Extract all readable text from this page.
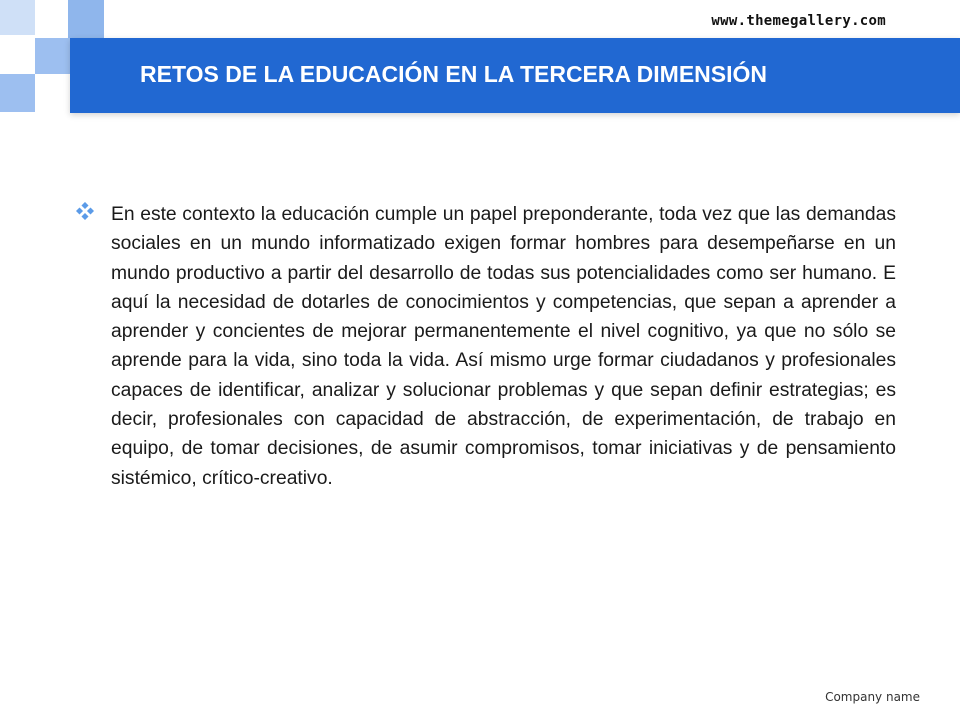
www.themegallery.com
RETOS DE LA EDUCACIÓN EN LA TERCERA DIMENSIÓN

En este contexto la educación cumple un papel preponderante, toda vez que las demandas sociales en un mundo informatizado exigen formar hombres para desempeñarse en un mundo productivo a partir del desarrollo de todas sus potencialidades como ser humano. E aquí la necesidad de dotarles de conocimientos y competencias, que sepan a aprender a aprender y concientes de mejorar permanentemente el nivel cognitivo, ya que no sólo se aprende para la vida, sino toda la vida. Así mismo urge formar ciudadanos y profesionales capaces de identificar, analizar y solucionar problemas y que sepan definir estrategias; es decir, profesionales con capacidad de abstracción, de experimentación, de trabajo en equipo, de tomar decisiones, de asumir compromisos, tomar iniciativas y de pensamiento sistémico, crítico-creativo.

Company name
